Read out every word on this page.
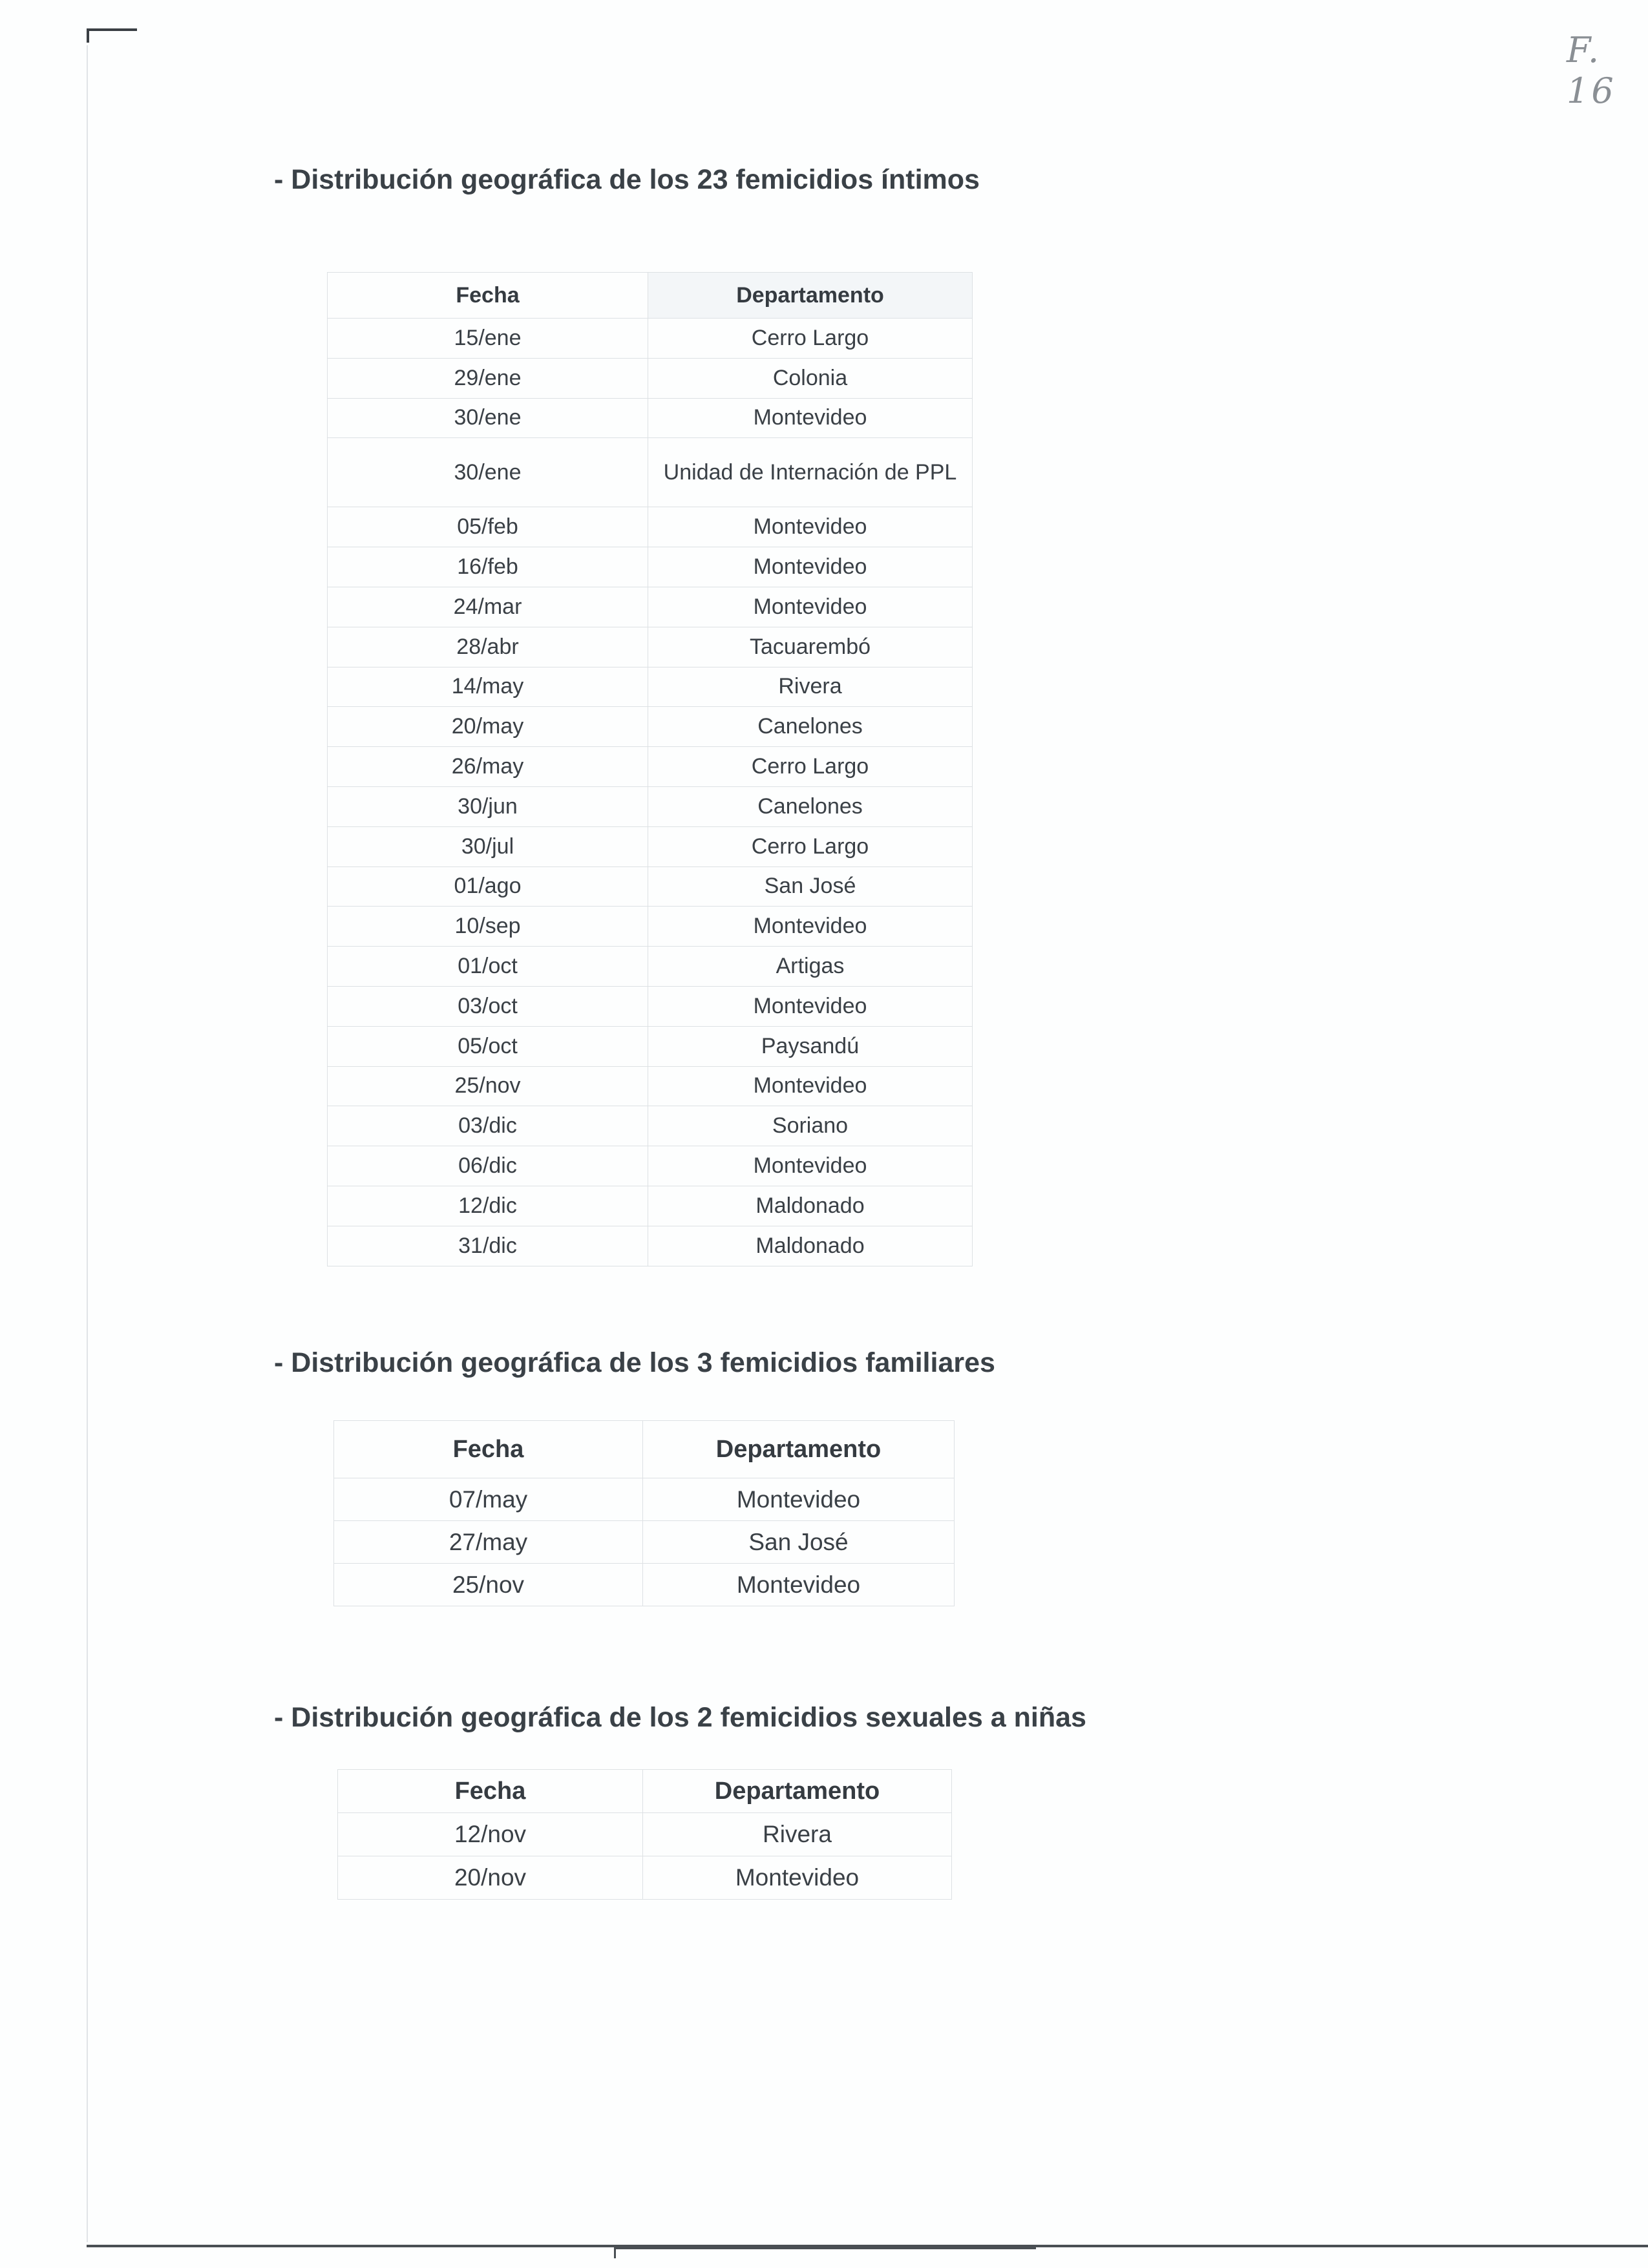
F. 16
- Distribución geográfica de los 23 femicidios íntimos
Fecha	Departamento
15/ene	Cerro Largo
29/ene	Colonia
30/ene	Montevideo
30/ene	Unidad de Internación de PPL
05/feb	Montevideo
16/feb	Montevideo
24/mar	Montevideo
28/abr	Tacuarembó
14/may	Rivera
20/may	Canelones
26/may	Cerro Largo
30/jun	Canelones
30/jul	Cerro Largo
01/ago	San José
10/sep	Montevideo
01/oct	Artigas
03/oct	Montevideo
05/oct	Paysandú
25/nov	Montevideo
03/dic	Soriano
06/dic	Montevideo
12/dic	Maldonado
31/dic	Maldonado
- Distribución geográfica de los 3 femicidios familiares
Fecha	Departamento
07/may	Montevideo
27/may	San José
25/nov	Montevideo
- Distribución geográfica de los 2 femicidios sexuales a niñas
Fecha	Departamento
12/nov	Rivera
20/nov	Montevideo
